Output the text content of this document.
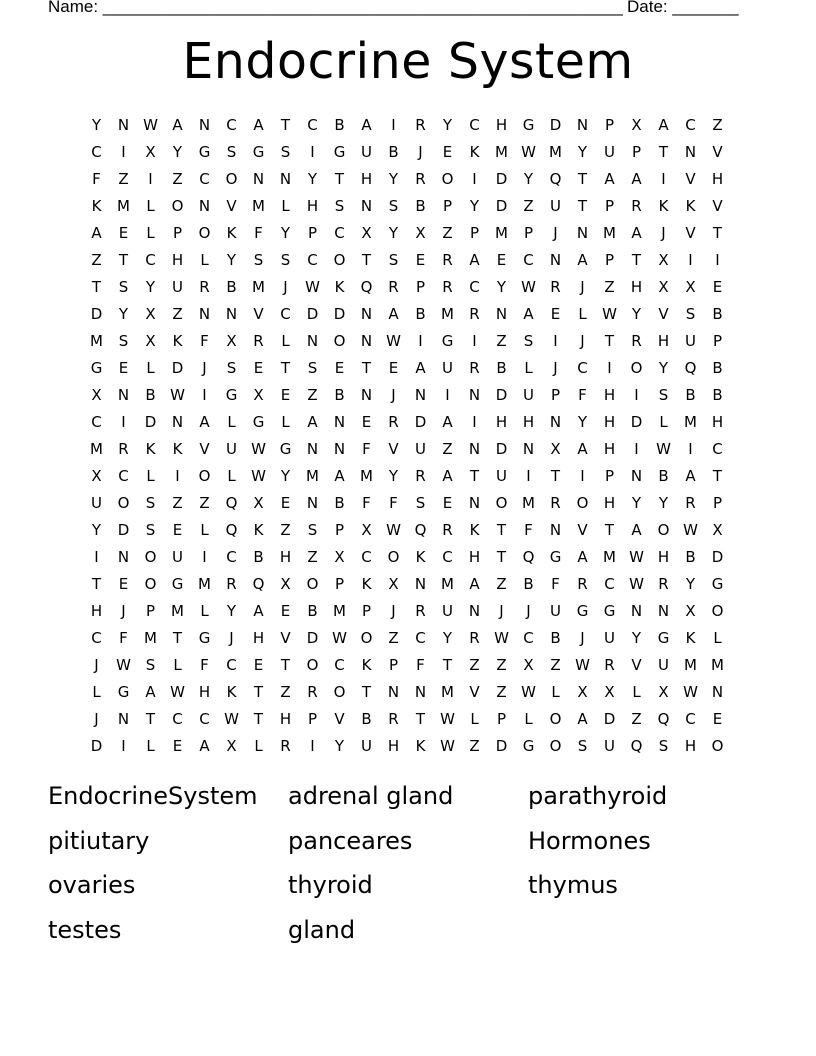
Name: _______________________________________________________ Date: _______
Endocrine System
Y	N W A	N	C	A	T	C	B	A	I	R	Y	C	H	G	D	N	P	X	A	C	Z
C	I	X	Y	G	S	G	S	I	G	U	B	J	E	K	M W M	Y	U	P	T	N	V
F	Z	I	Z	C	O	N	N	Y	T	H	Y	R	O	I	D	Y	Q	T	A	A	I	V	H
K	M	L	O	N	V	M	L	H	S	N	S	B	P	Y	D	Z	U	T	P	R	K	K	V
A	E	L	P	O	K	F	Y	P	C	X	Y	X	Z	P	M	P	J	N M	A	J	V	T
Z	T	C	H	L	Y	S	S	C	O	T	S	E	R	A	E	C	N	A	P	T	X	I	I
T	S	Y	U	R	B	M	J	W K	Q	R	P	R	C	Y	W R	J	Z	H	X	X	E
D	Y	X	Z	N	N	V	C	D	D	N	A	B	M	R	N	A	E	L	W Y	V	S	B
M	S	X	K	F	X	R	L	N	O	N W	I	G	I	Z	S	I	J	T	R	H	U	P
G	E	L	D	J	S	E	T	S	E	T	E	A	U	R	B	L	J	C	I	O	Y	Q	B
X	N	B W	I	G	X	E	Z	B	N	J	N	I	N	D	U	P	F	H	I	S	B	B
C	I	D	N	A	L	G	L	A	N	E	R	D	A	I	H	H	N	Y	H	D	L	M H
M	R	K	K	V	U W G	N	N	F	V	U	Z	N	D	N	X	A	H	I	W	I	C
X	C	L	I	O	L	W Y	M	A	M	Y	R	A	T	U	I	T	I	P	N	B	A	T
U	O	S	Z	Z	Q	X	E	N	B	F	F	S	E	N	O M	R	O	H	Y	Y	R	P
Y	D	S	E	L	Q	K	Z	S	P	X W Q	R	K	T	F	N	V	T	A	O W X
I	N	O	U	I	C	B	H	Z	X	C	O	K	C	H	T	Q	G	A	M W H	B	D
T	E	O	G M	R	Q	X	O	P	K	X	N M	A	Z	B	F	R	C W R	Y	G
H	J	P	M	L	Y	A	E	B	M	P	J	R	U	N	J	J	U	G	G	N	N	X	O
C	F	M	T	G	J	H	V	D W O	Z	C	Y	R W C	B	J	U	Y	G	K	L
J	W S	L	F	C	E	T	O	C	K	P	F	T	Z	Z	X	Z W R	V	U	M M
L	G	A W H	K	T	Z	R	O	T	N	N M	V	Z W	L	X	X	L	X W N
J	N	T	C	C W T	H	P	V	B	R	T	W	L	P	L	O	A	D	Z	Q	C	E
D	I	L	E	A	X	L	R	I	Y	U	H	K W Z	D	G	O	S	U	Q	S	H	O
EndocrineSystem	adrenal gland	parathyroid
pitiutary	panceares	Hormones
ovaries	thyroid	thymus
testes	gland
